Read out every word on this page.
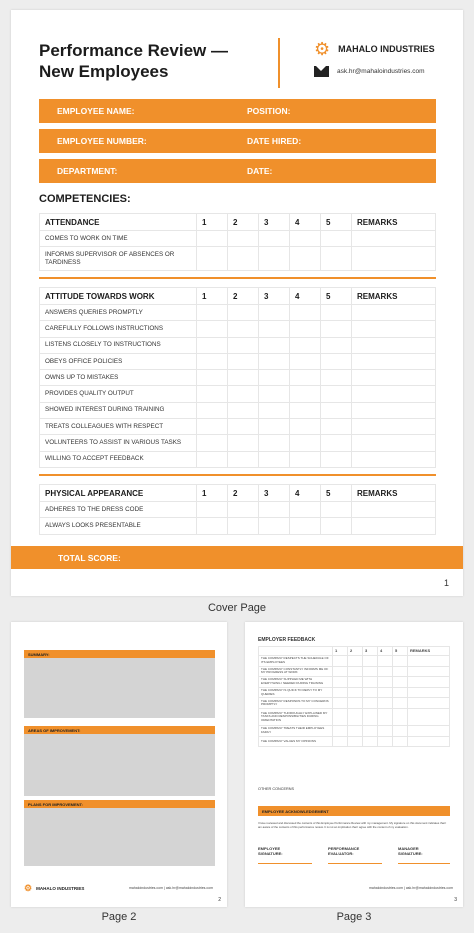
Performance Review —
New Employees
⚙ MAHALO INDUSTRIES
ask.hr@mahaloindustries.com
EMPLOYEE NAME:	POSITION:
EMPLOYEE NUMBER:	DATE HIRED:
DEPARTMENT:	DATE:
COMPETENCIES:
ATTENDANCE	1	2	3	4	5	REMARKS
COMES TO WORK ON TIME						
INFORMS SUPERVISOR OF ABSENCES OR TARDINESS						
ATTITUDE TOWARDS WORK	1	2	3	4	5	REMARKS
ANSWERS QUERIES PROMPTLY						
CAREFULLY FOLLOWS INSTRUCTIONS						
LISTENS CLOSELY TO INSTRUCTIONS						
OBEYS OFFICE POLICIES						
OWNS UP TO MISTAKES						
PROVIDES QUALITY OUTPUT						
SHOWED INTEREST DURING TRAINING						
TREATS COLLEAGUES WITH RESPECT						
VOLUNTEERS TO ASSIST IN VARIOUS TASKS						
WILLING TO ACCEPT FEEDBACK						
PHYSICAL APPEARANCE	1	2	3	4	5	REMARKS
ADHERES TO THE DRESS CODE						
ALWAYS LOOKS PRESENTABLE						
TOTAL SCORE:
1
Cover Page
SUMMARY:
AREAS OF IMPROVEMENT:
PLANS FOR IMPROVEMENT:
⚙ MAHALO INDUSTRIES	mahaloindustries.com | ask.hr@mahaloindustries.com
2
Page 2
EMPLOYER FEEDBACK
	1	2	3	4	5	REMARKS
THE COMPANY RESPECTS THE SCHEDULE OF ITS EMPLOYEES						
THE COMPANY CONSTANTLY INFORMS ME OF MY PROGRESS AT WORK						
THE COMPANY SUPPLIED ME WITH EVERYTHING I NEEDED DURING TRAINING						
THE COMPANY IS QUICK TO REPLY TO MY QUERIES						
THE COMPANY RESPONDS TO MY CONCERNS PROMPTLY						
THE COMPANY THOROUGHLY EXPLAINED MY TASKS AND RESPONSIBILITIES DURING ORIENTATION						
THE COMPANY TREATS THEIR EMPLOYEES FAIRLY						
THE COMPANY VALUES MY OPINIONS						
OTHER CONCERNS
EMPLOYEE ACKNOWLEDGEMENT
I have reviewed and discussed the contents of this Employee Performance Review with my management. My signature on this document indicates that I am aware of the contents of this performance review. It is not an implication that I agree with the content of my evaluation.
EMPLOYEE
SIGNATURE:
PERFORMANCE
EVALUATOR:
MANAGER
SIGNATURE:
mahaloindustries.com | ask.hr@mahaloindustries.com
3
Page 3
